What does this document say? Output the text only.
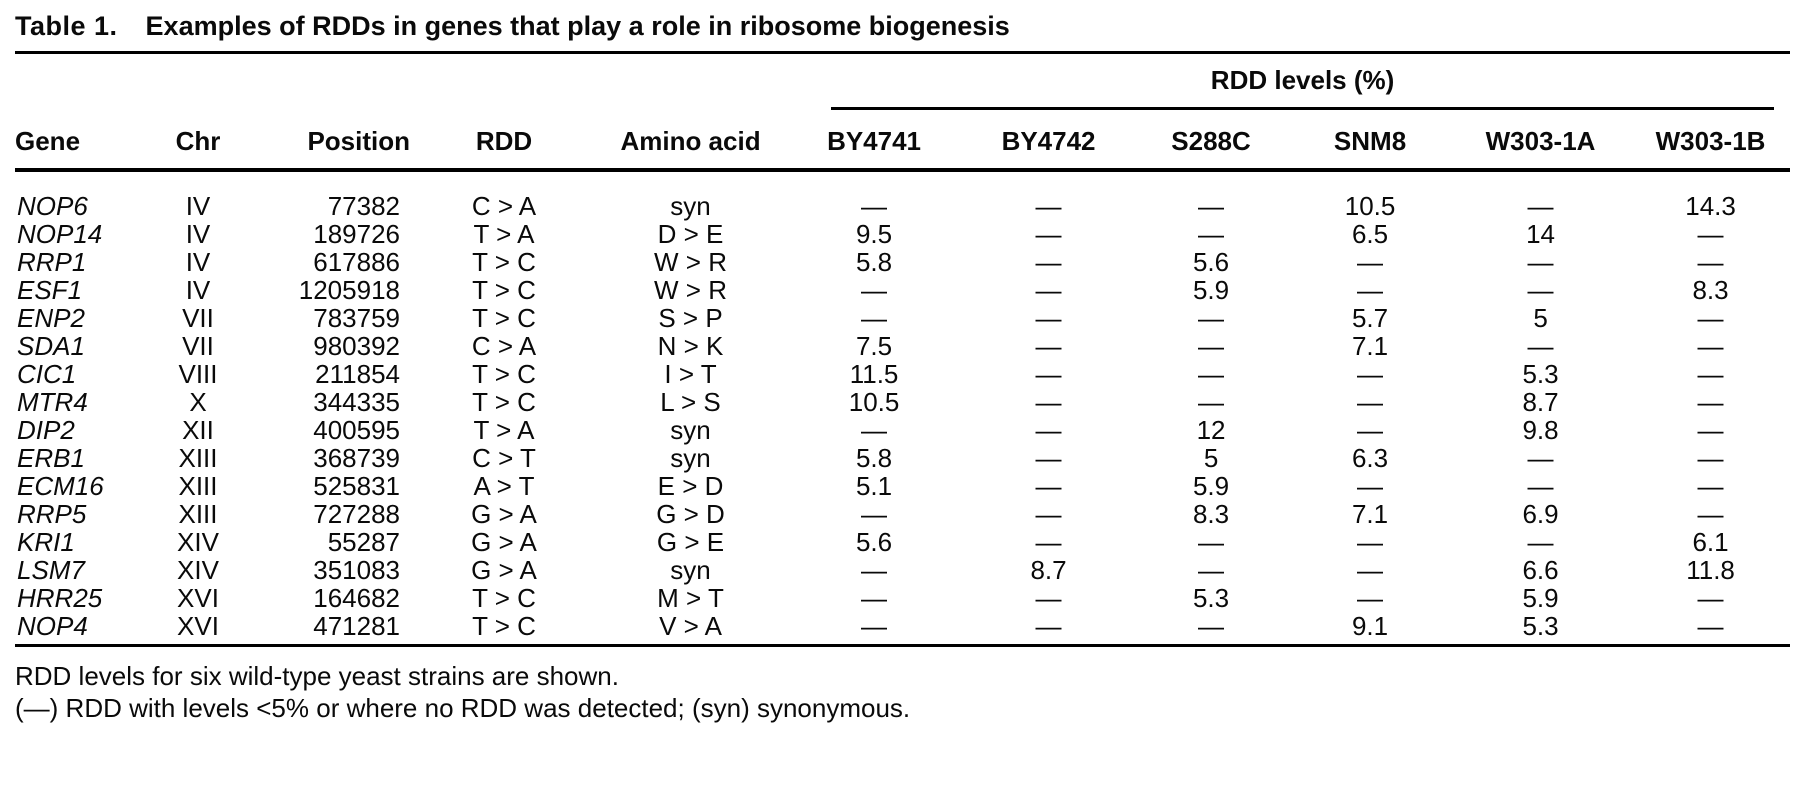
Table 1. Examples of RDDs in genes that play a role in ribosome biogenesis

					RDD levels (%)					

Gene	Chr	Position	RDD	Amino acid	BY4741	BY4742	S288C	SNM8	W303-1A	W303-1B
NOP6	IV	77382	C > A	syn	—	—	—	10.5	—	14.3
NOP14	IV	189726	T > A	D > E	9.5	—	—	6.5	14	—
RRP1	IV	617886	T > C	W > R	5.8	—	5.6	—	—	—
ESF1	IV	1205918	T > C	W > R	—	—	5.9	—	—	8.3
ENP2	VII	783759	T > C	S > P	—	—	—	5.7	5	—
SDA1	VII	980392	C > A	N > K	7.5	—	—	7.1	—	—
CIC1	VIII	211854	T > C	I > T	11.5	—	—	—	5.3	—
MTR4	X	344335	T > C	L > S	10.5	—	—	—	8.7	—
DIP2	XII	400595	T > A	syn	—	—	12	—	9.8	—
ERB1	XIII	368739	C > T	syn	5.8	—	5	6.3	—	—
ECM16	XIII	525831	A > T	E > D	5.1	—	5.9	—	—	—
RRP5	XIII	727288	G > A	G > D	—	—	8.3	7.1	6.9	—
KRI1	XIV	55287	G > A	G > E	5.6	—	—	—	—	6.1
LSM7	XIV	351083	G > A	syn	—	8.7	—	—	6.6	11.8
HRR25	XVI	164682	T > C	M > T	—	—	5.3	—	5.9	—
NOP4	XVI	471281	T > C	V > A	—	—	—	9.1	5.3	—

RDD levels for six wild-type yeast strains are shown.

(—) RDD with levels <5% or where no RDD was detected; (syn) synonymous.
